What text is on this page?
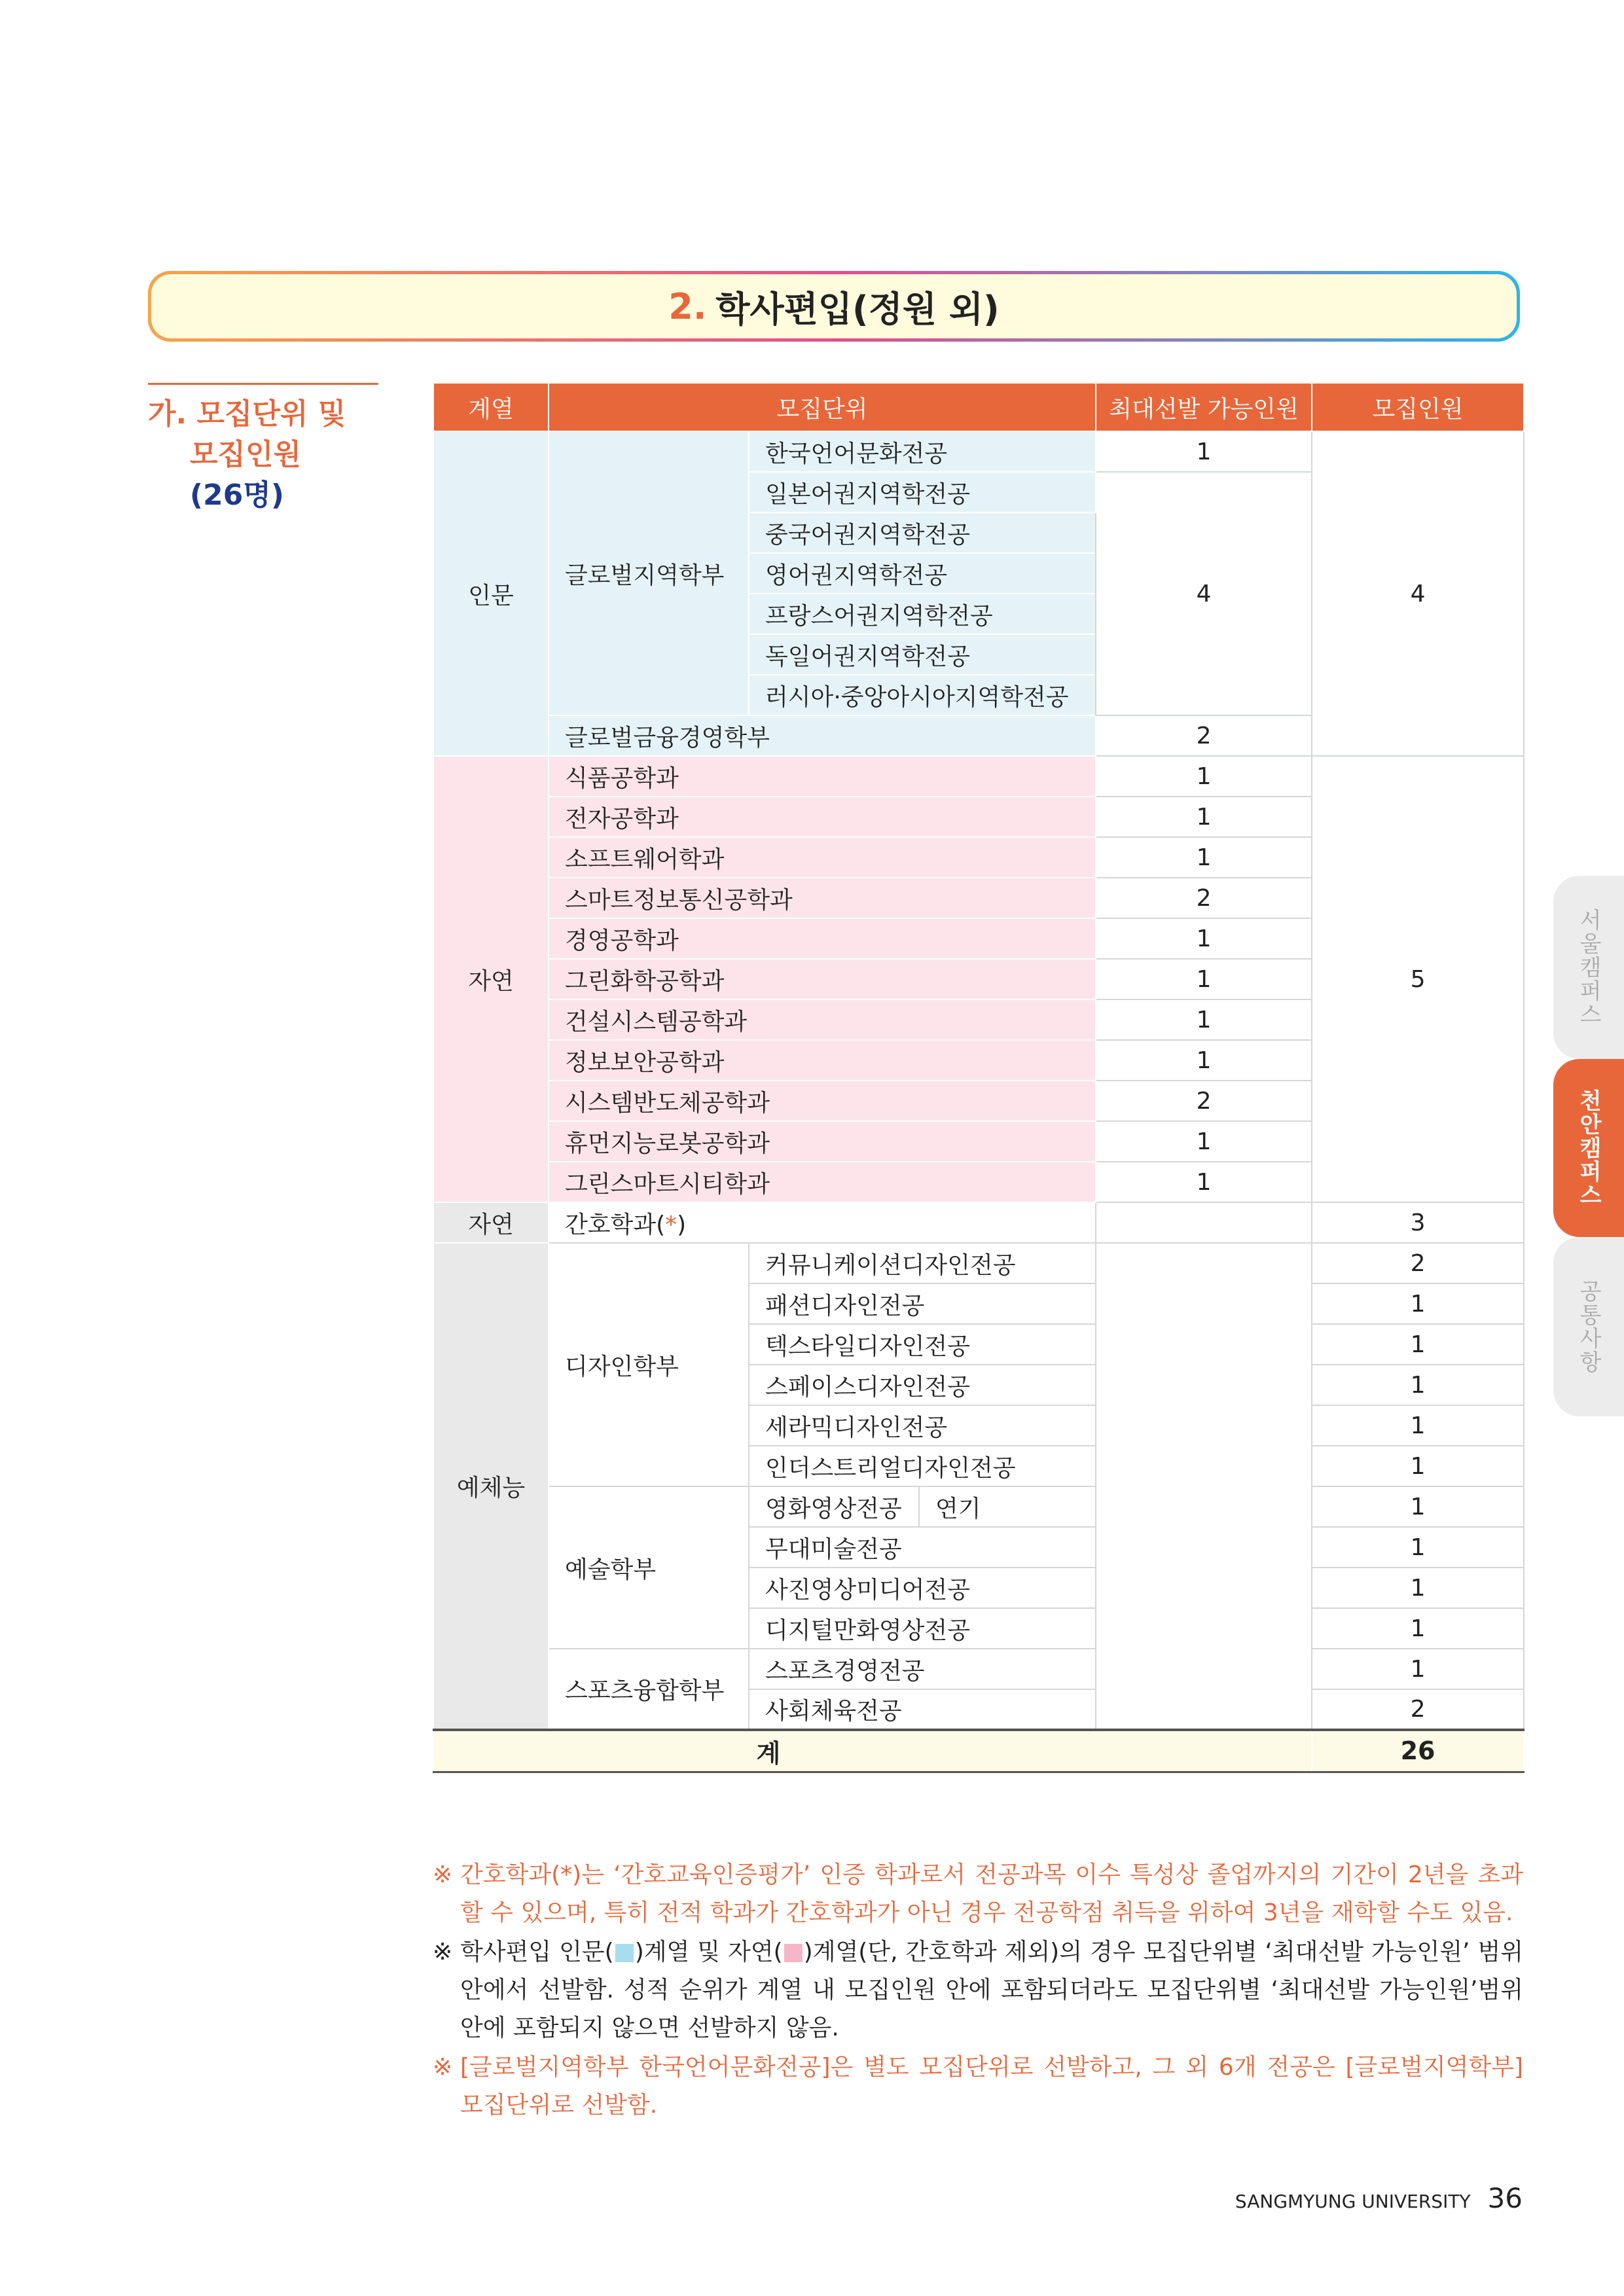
2. 학사편입(정원 외)
가. 모집단위 및
모집인원
(26명)
계열	모집단위			최대선발 가능인원	모집인원
인문	글로벌지역학부	한국언어문화전공		1	4
		일본어권지역학전공		4	
		중국어권지역학전공			
		영어권지역학전공			
		프랑스어권지역학전공			
		독일어권지역학전공			
		러시아·중앙아시아지역학전공			
	글로벌금융경영학부			2	
자연	식품공학과			1	5
	전자공학과			1	
	소프트웨어학과			1	
	스마트정보통신공학과			2	
	경영공학과			1	
	그린화학공학과			1	
	건설시스템공학과			1	
	정보보안공학과			1	
	시스템반도체공학과			2	
	휴먼지능로봇공학과			1	
	그린스마트시티학과			1	
자연	간호학과(*)				3
예체능	디자인학부	커뮤니케이션디자인전공			2
		패션디자인전공			1
		텍스타일디자인전공			1
		스페이스디자인전공			1
		세라믹디자인전공			1
		인더스트리얼디자인전공			1
	예술학부	영화영상전공	연기		1
		무대미술전공			1
		사진영상미디어전공			1
		디지털만화영상전공			1
	스포츠융합학부	스포츠경영전공			1
		사회체육전공			2
계					26
※ 간호학과(*)는 ‘간호교육인증평가’ 인증 학과로서 전공과목 이수 특성상 졸업까지의 기간이 2년을 초과할 수 있으며, 특히 전적 학과가 간호학과가 아닌 경우 전공학점 취득을 위하여 3년을 재학할 수도 있음.
※ 학사편입 인문( )계열 및 자연( )계열(단, 간호학과 제외)의 경우 모집단위별 ‘최대선발 가능인원’ 범위 안에서 선발함. 성적 순위가 계열 내 모집인원 안에 포함되더라도 모집단위별 ‘최대선발 가능인원’범위 안에 포함되지 않으면 선발하지 않음.
※ [글로벌지역학부 한국언어문화전공]은 별도 모집단위로 선발하고, 그 외 6개 전공은 [글로벌지역학부] 모집단위로 선발함.
서울캠퍼스
천안캠퍼스
공통사항
SANGMYUNG UNIVERSITY 36
